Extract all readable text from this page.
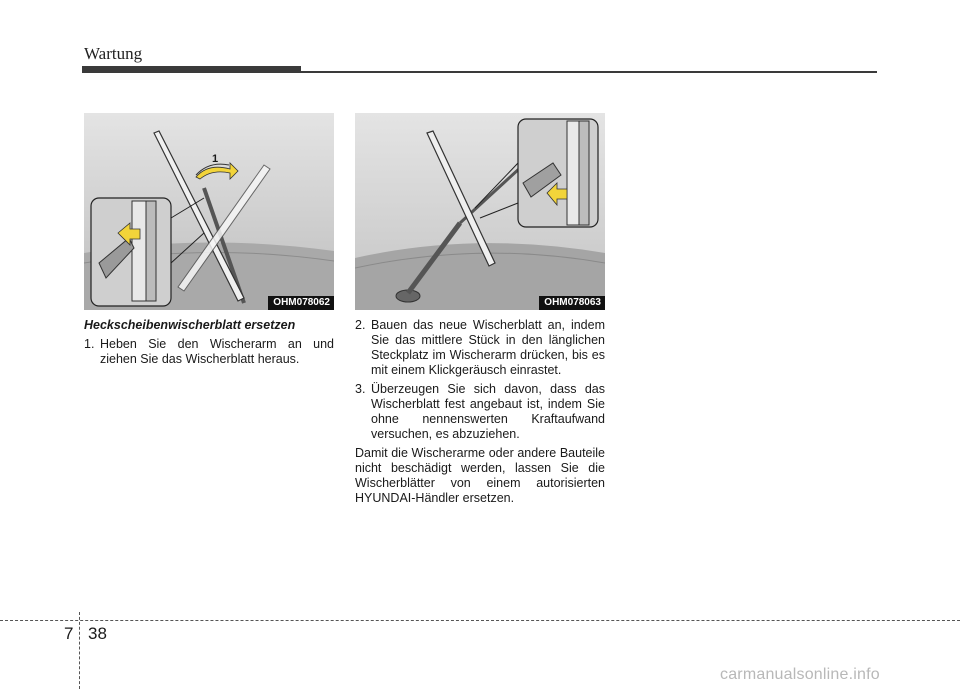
Wartung
OHM078062
1
OHM078063
Heckscheibenwischerblatt ersetzen
1. Heben Sie den Wischerarm an und ziehen Sie das Wischerblatt heraus.
2. Bauen das neue Wischerblatt an, indem Sie das mittlere Stück in den länglichen Steckplatz im Wischerarm drücken, bis es mit einem Klickgeräusch einrastet.
3. Überzeugen Sie sich davon, dass das Wischerblatt fest angebaut ist, indem Sie ohne nennenswerten Kraftaufwand versuchen, es abzuziehen.

Damit die Wischerarme oder andere Bauteile nicht beschädigt werden, lassen Sie die Wischerblätter von einem autorisierten HYUNDAI-Händler ersetzen.

7 38
carmanualsonline.info
